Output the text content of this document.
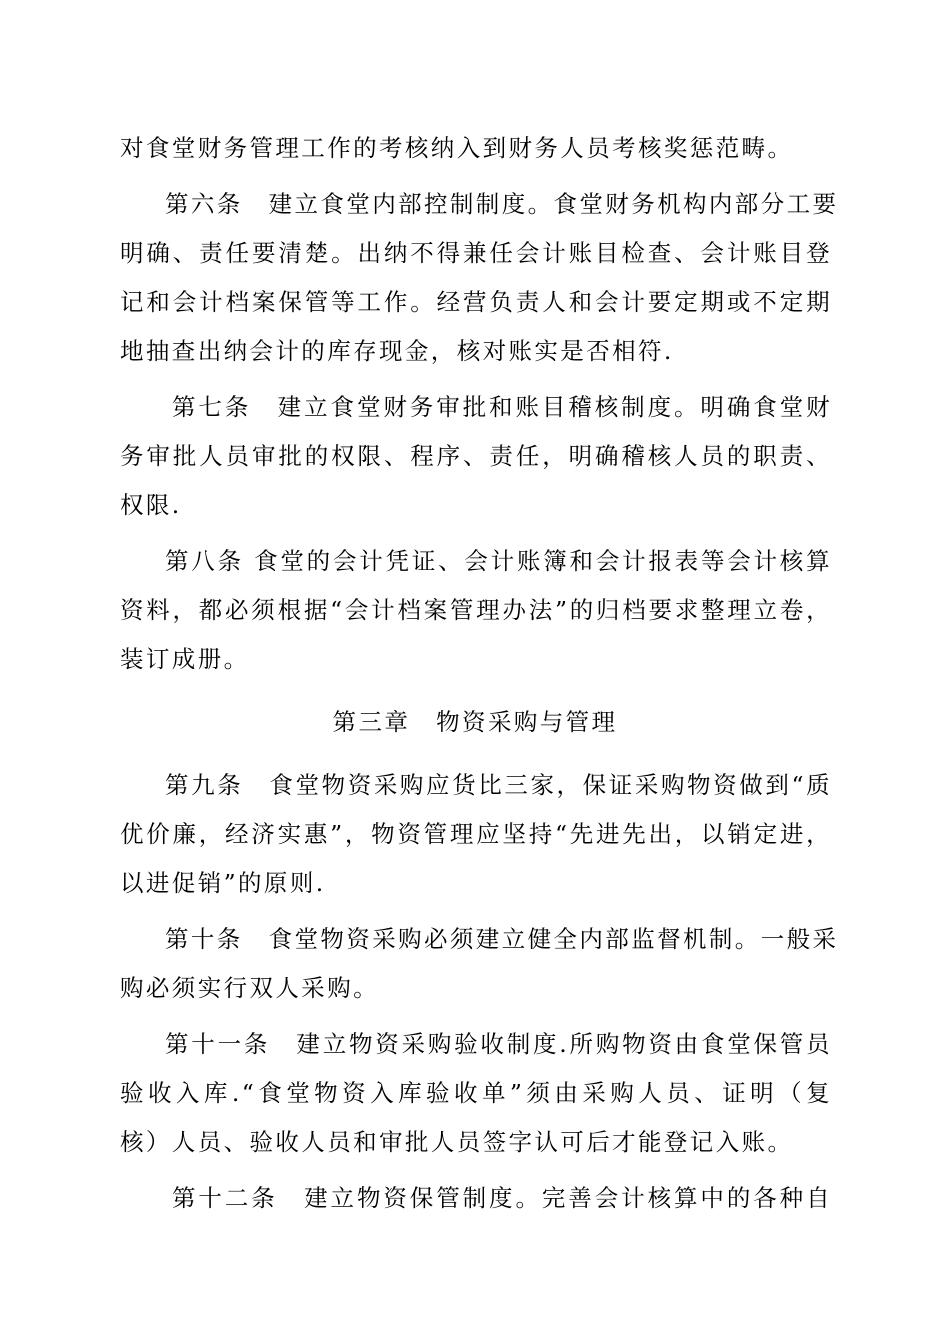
对食堂财务管理工作的考核纳入到财务人员考核奖惩范畴。
第六条　建立食堂内部控制制度。食堂财务机构内部分工要
明确、责任要清楚。出纳不得兼任会计账目检查、会计账目登
记和会计档案保管等工作。经营负责人和会计要定期或不定期
地抽查出纳会计的库存现金，核对账实是否相符.
第七条　建立食堂财务审批和账目稽核制度。明确食堂财
务审批人员审批的权限、程序、责任，明确稽核人员的职责、
权限.
第八条 食堂的会计凭证、会计账簿和会计报表等会计核算
资料，都必须根据“会计档案管理办法”的归档要求整理立卷，
装订成册。
第三章　物资采购与管理
第九条　食堂物资采购应货比三家，保证采购物资做到“质
优价廉，经济实惠”，物资管理应坚持“先进先出，以销定进，
以进促销”的原则.
第十条　食堂物资采购必须建立健全内部监督机制。一般采
购必须实行双人采购。
第十一条　建立物资采购验收制度.所购物资由食堂保管员
验收入库.“食堂物资入库验收单”须由采购人员、证明（复
核）人员、验收人员和审批人员签字认可后才能登记入账。
第十二条　建立物资保管制度。完善会计核算中的各种自
